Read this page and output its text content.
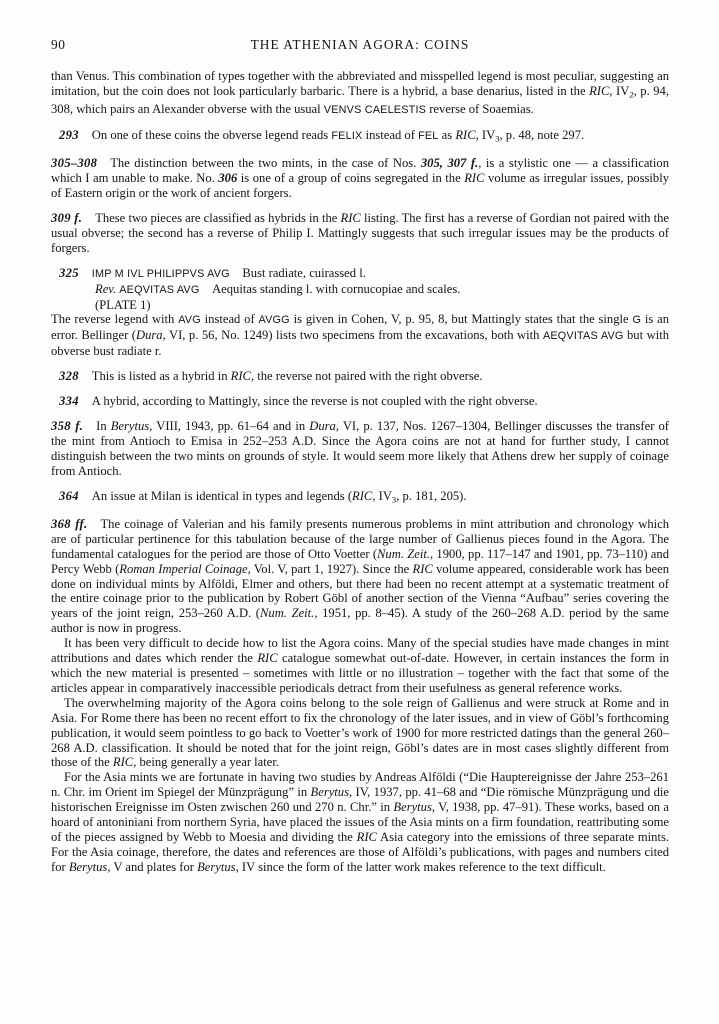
90	THE ATHENIAN AGORA: COINS

than Venus. This combination of types together with the abbreviated and misspelled legend is most peculiar, suggesting an imitation, but the coin does not look particularly barbaric. There is a hybrid, a base denarius, listed in the RIC, IV2, p. 94, 308, which pairs an Alexander obverse with the usual VENVS CAELESTIS reverse of Soaemias.

293 On one of these coins the obverse legend reads FELIX instead of FEL as RIC, IV3, p. 48, note 297.

305–308 The distinction between the two mints, in the case of Nos. 305, 307 f., is a stylistic one — a classification which I am unable to make. No. 306 is one of a group of coins segregated in the RIC volume as irregular issues, possibly of Eastern origin or the work of ancient forgers.

309 f. These two pieces are classified as hybrids in the RIC listing. The first has a reverse of Gordian not paired with the usual obverse; the second has a reverse of Philip I. Mattingly suggests that such irregular issues may be the products of forgers.

325 IMP M IVL PHILIPPVS AVG Bust radiate, cuirassed l.
Rev. AEQVITAS AVG Aequitas standing l. with cornucopiae and scales.
(PLATE 1)

The reverse legend with AVG instead of AVGG is given in Cohen, V, p. 95, 8, but Mattingly states that the single G is an error. Bellinger (Dura, VI, p. 56, No. 1249) lists two specimens from the excavations, both with AEQVITAS AVG but with obverse bust radiate r.

328 This is listed as a hybrid in RIC, the reverse not paired with the right obverse.

334 A hybrid, according to Mattingly, since the reverse is not coupled with the right obverse.

358 f. In Berytus, VIII, 1943, pp. 61–64 and in Dura, VI, p. 137, Nos. 1267–1304, Bellinger discusses the transfer of the mint from Antioch to Emisa in 252–253 A.D. Since the Agora coins are not at hand for further study, I cannot distinguish between the two mints on grounds of style. It would seem more likely that Athens drew her supply of coinage from Antioch.

364 An issue at Milan is identical in types and legends (RIC, IV3, p. 181, 205).

368 ff. The coinage of Valerian and his family presents numerous problems in mint attribution and chronology which are of particular pertinence for this tabulation because of the large number of Gallienus pieces found in the Agora. The fundamental catalogues for the period are those of Otto Voetter (Num. Zeit., 1900, pp. 117–147 and 1901, pp. 73–110) and Percy Webb (Roman Imperial Coinage, Vol. V, part 1, 1927). Since the RIC volume appeared, considerable work has been done on individual mints by Alföldi, Elmer and others, but there had been no recent attempt at a systematic treatment of the entire coinage prior to the publication by Robert Göbl of another section of the Vienna “Aufbau” series covering the years of the joint reign, 253–260 A.D. (Num. Zeit., 1951, pp. 8–45). A study of the 260–268 A.D. period by the same author is now in progress.

It has been very difficult to decide how to list the Agora coins. Many of the special studies have made changes in mint attributions and dates which render the RIC catalogue somewhat out-of-date. However, in certain instances the form in which the new material is presented – sometimes with little or no illustration – together with the fact that some of the articles appear in comparatively inaccessible periodicals detract from their usefulness as general reference works.

The overwhelming majority of the Agora coins belong to the sole reign of Gallienus and were struck at Rome and in Asia. For Rome there has been no recent effort to fix the chronology of the later issues, and in view of Göbl’s forthcoming publication, it would seem pointless to go back to Voetter’s work of 1900 for more restricted datings than the general 260–268 A.D. classification. It should be noted that for the joint reign, Göbl’s dates are in most cases slightly different from those of the RIC, being generally a year later.

For the Asia mints we are fortunate in having two studies by Andreas Alföldi (“Die Hauptereignisse der Jahre 253–261 n. Chr. im Orient im Spiegel der Münzprägung” in Berytus, IV, 1937, pp. 41–68 and “Die römische Münzprägung und die historischen Ereignisse im Osten zwischen 260 und 270 n. Chr.” in Berytus, V, 1938, pp. 47–91). These works, based on a hoard of antoniniani from northern Syria, have placed the issues of the Asia mints on a firm foundation, reattributing some of the pieces assigned by Webb to Moesia and dividing the RIC Asia category into the emissions of three separate mints. For the Asia coinage, therefore, the dates and references are those of Alföldi’s publications, with pages and numbers cited for Berytus, V and plates for Berytus, IV since the form of the latter work makes reference to the text difficult.
